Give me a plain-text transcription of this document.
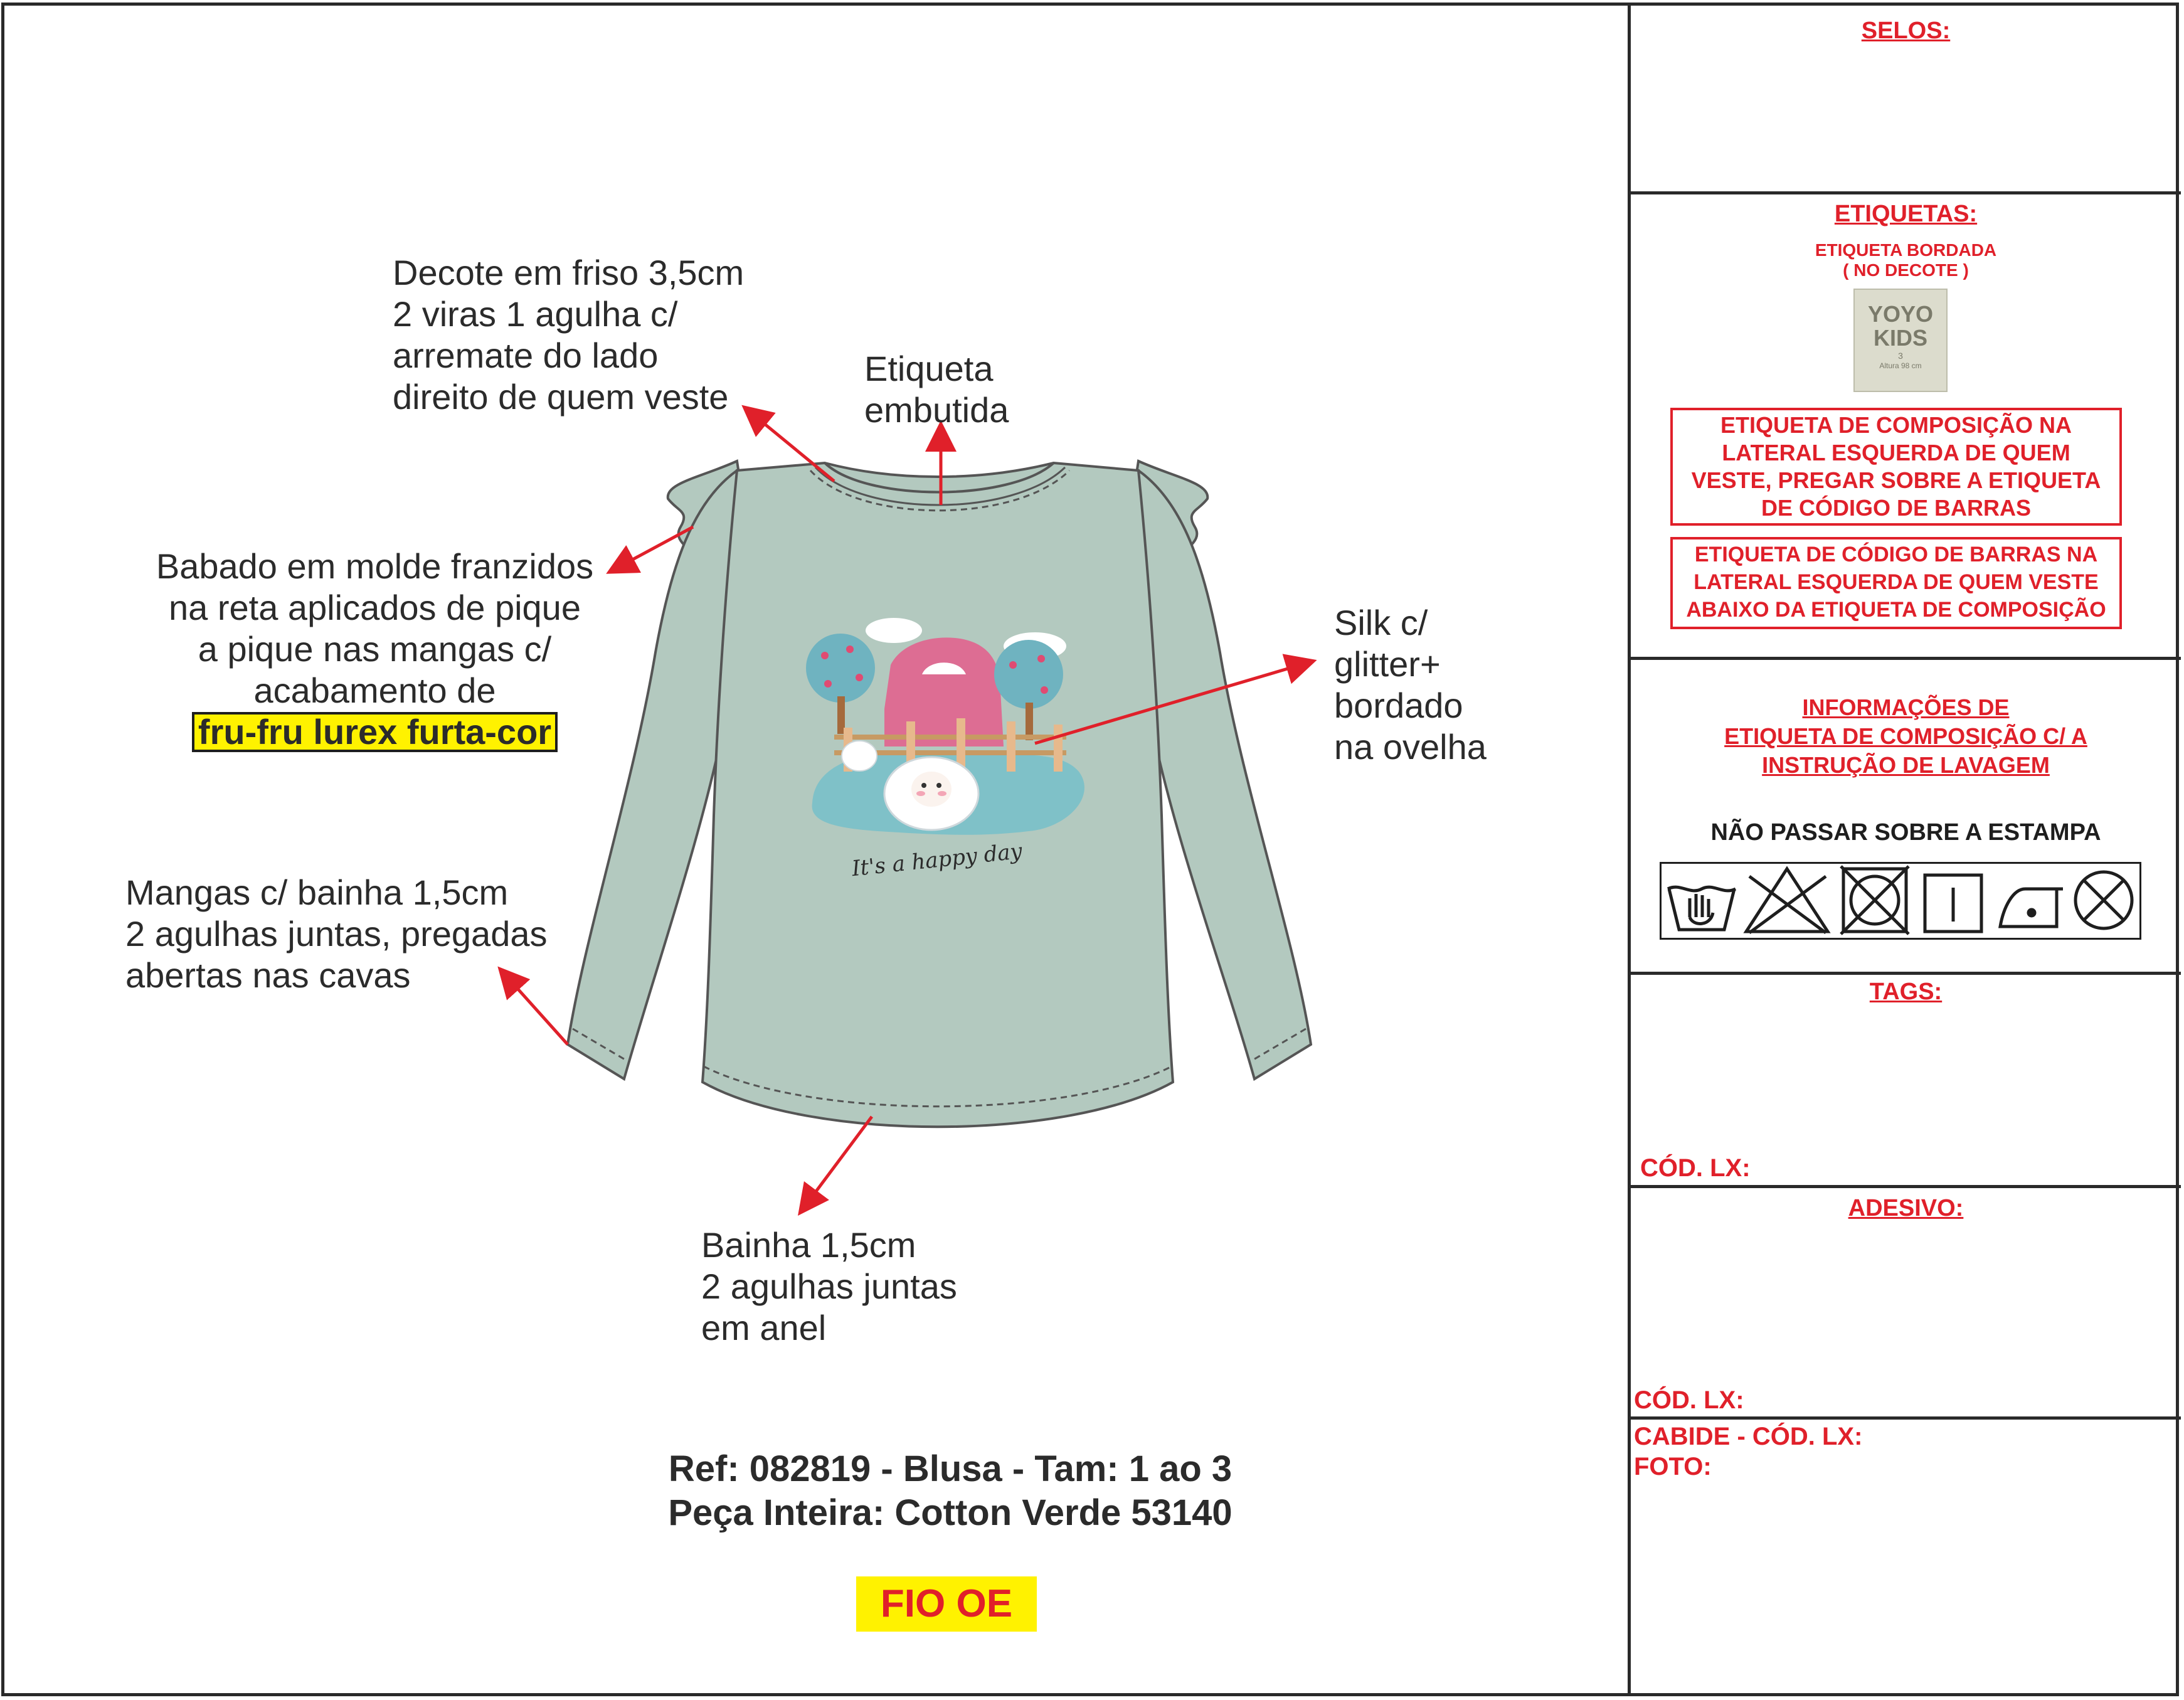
It's a happy day
Decote em friso 3,5cm
2 viras 1 agulha c/
arremate do lado
direito de quem veste
Etiqueta
embutida
Babado em molde franzidos
na reta aplicados de pique
a pique nas mangas c/
acabamento de
fru-fru lurex furta-cor
Silk c/
glitter+
bordado
na ovelha
Mangas c/ bainha 1,5cm
2 agulhas juntas, pregadas
abertas nas cavas
Bainha 1,5cm
2 agulhas juntas
em anel
Ref: 082819 - Blusa - Tam: 1 ao 3
Peça Inteira: Cotton Verde 53140
FIO OE
SELOS:
ETIQUETAS:
ETIQUETA BORDADA
( NO DECOTE )
YOYO
KIDS
3
Altura 98 cm
ETIQUETA DE COMPOSIÇÃO NA
LATERAL ESQUERDA DE QUEM
VESTE, PREGAR SOBRE A ETIQUETA
DE CÓDIGO DE BARRAS
ETIQUETA DE CÓDIGO DE BARRAS NA
LATERAL ESQUERDA DE QUEM VESTE
ABAIXO DA ETIQUETA DE COMPOSIÇÃO
INFORMAÇÕES DE
ETIQUETA DE COMPOSIÇÃO C/ A
INSTRUÇÃO DE LAVAGEM
NÃO PASSAR SOBRE A ESTAMPA
TAGS:
CÓD. LX:
ADESIVO:
CÓD. LX:
CABIDE - CÓD. LX:
FOTO:
